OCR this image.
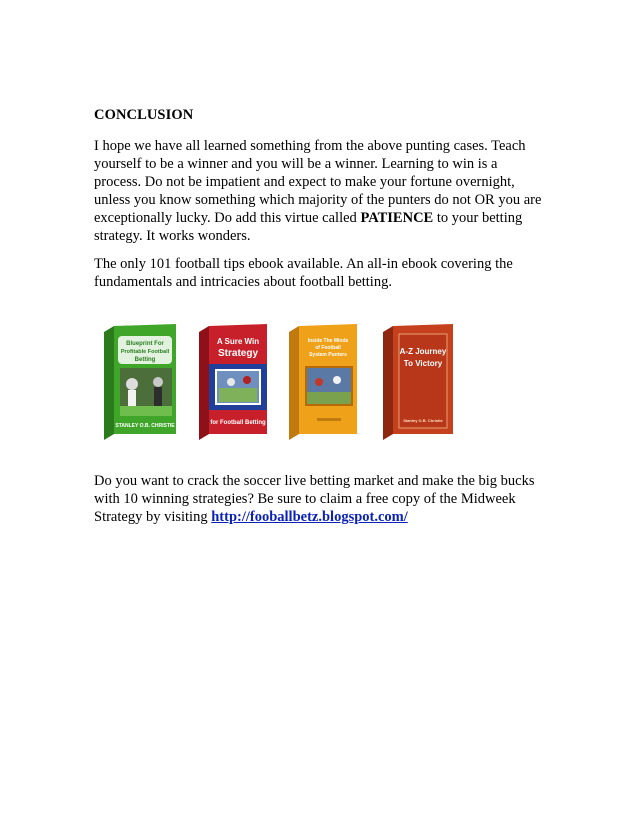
CONCLUSION
I hope we have all learned something from the above punting cases. Teach yourself to be a winner and you will be a winner. Learning to win is a process. Do not be impatient and expect to make your fortune overnight, unless you know something which majority of the punters do not OR you are exceptionally lucky. Do add this virtue called PATIENCE to your betting strategy. It works wonders.
The only 101 football tips ebook available. An all-in ebook covering the fundamentals and intricacies about football betting.
Blueprint For
Profitable Football
Betting
STANLEY O.B. CHRISTIE
A Sure Win
Strategy
for Football Betting
Inside The Minds
of Football
System Punters	A-Z Journey
To Victory
Stanley O.B. Christie
Do you want to crack the soccer live betting market and make the big bucks with 10 winning strategies? Be sure to claim a free copy of the Midweek Strategy by visiting http://fooballbetz.blogspot.com/
